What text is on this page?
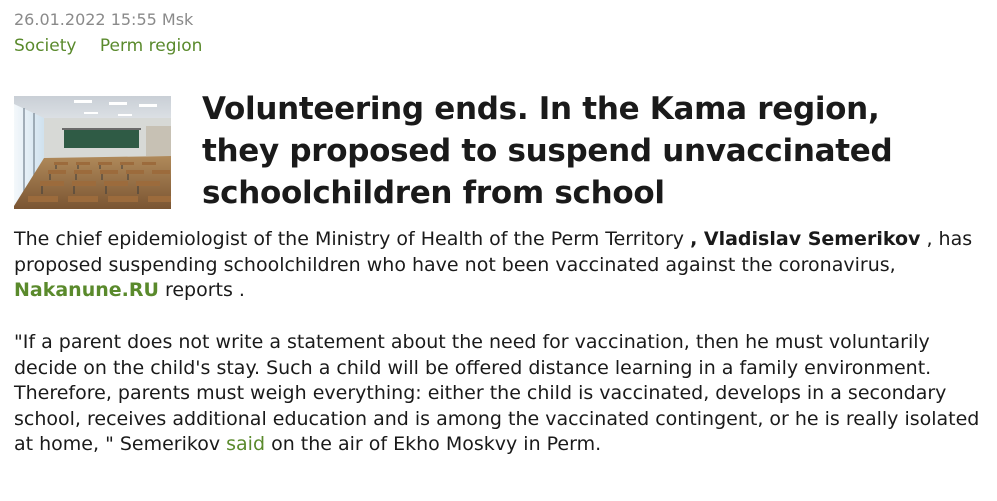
26.01.2022 15:55 Msk
Society Perm region
Volunteering ends. In the Kama region, they proposed to suspend unvaccinated schoolchildren from school

The chief epidemiologist of the Ministry of Health of the Perm Territory , Vladislav Semerikov , has proposed suspending schoolchildren who have not been vaccinated against the coronavirus, Nakanune.RU reports .

"If a parent does not write a statement about the need for vaccination, then he must voluntarily decide on the child's stay. Such a child will be offered distance learning in a family environment. Therefore, parents must weigh everything: either the child is vaccinated, develops in a secondary school, receives additional education and is among the vaccinated contingent, or he is really isolated at home, " Semerikov said on the air of Ekho Moskvy in Perm.
